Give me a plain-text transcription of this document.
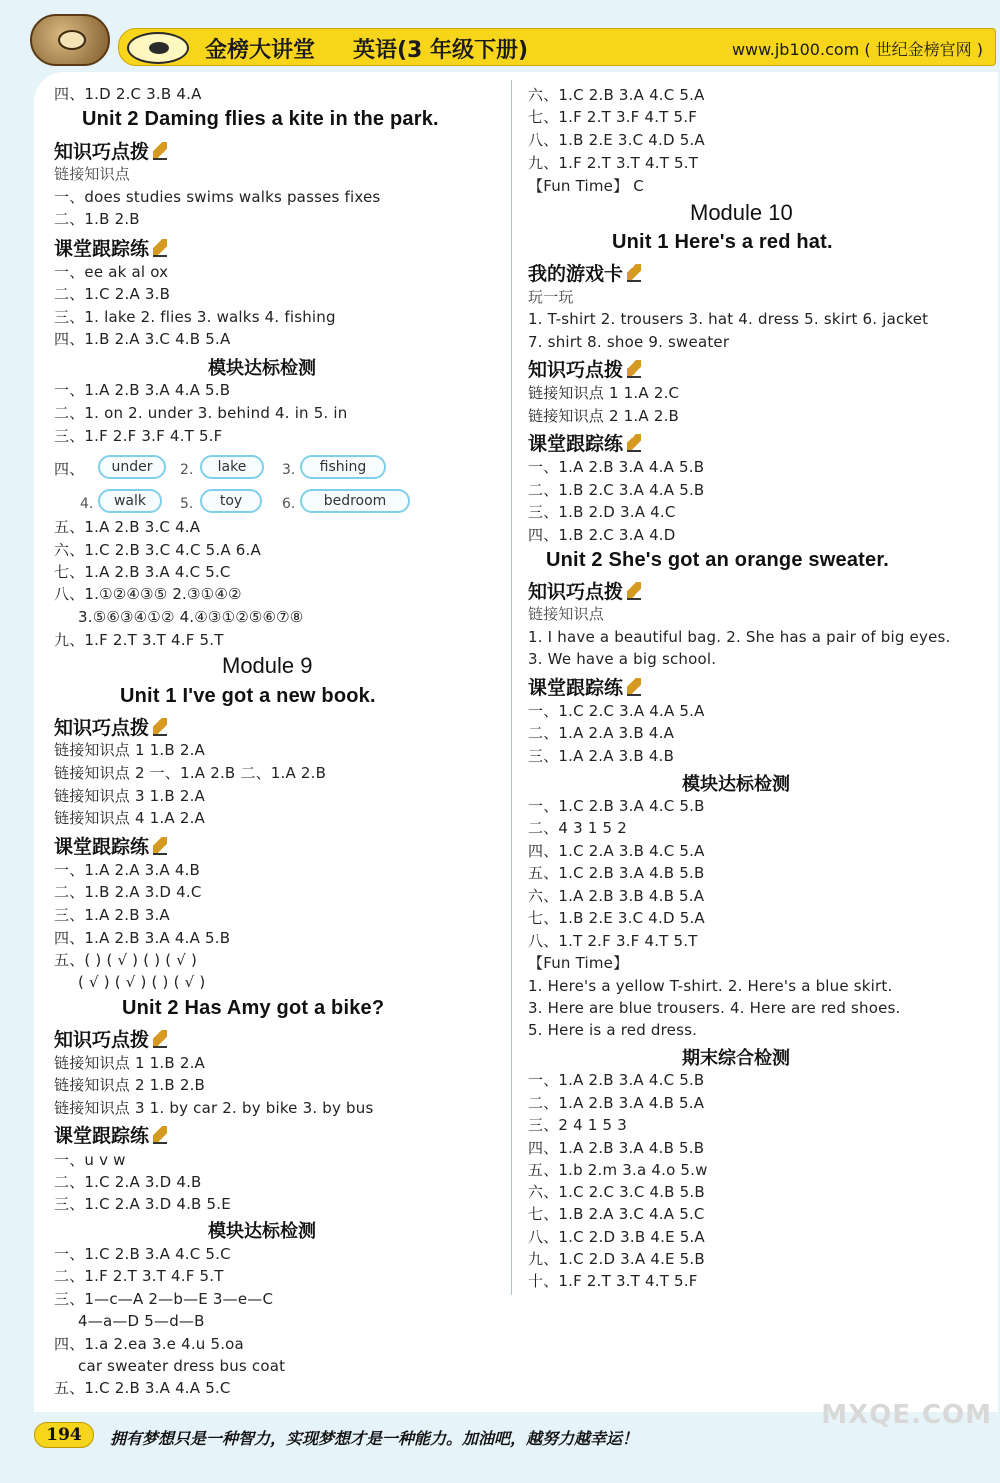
金榜大讲堂 英语(3 年级下册)	www.jb100.com ( 世纪金榜官网 )
四、1.D 2.C 3.B 4.A
Unit 2 Daming flies a kite in the park.
知识巧点拨
链接知识点
一、does studies swims walks passes fixes
二、1.B 2.B
课堂跟踪练
一、ee ak al ox
二、1.C 2.A 3.B
三、1. lake 2. flies 3. walks 4. fishing
四、1.B 2.A 3.C 4.B 5.A
模块达标检测
一、1.A 2.B 3.A 4.A 5.B
二、1. on 2. under 3. behind 4. in 5. in
三、1.F 2.F 3.F 4.T 5.F
四、	under	2.	lake	3.	fishing
4.	walk	5.	toy	6.	bedroom
五、1.A 2.B 3.C 4.A
六、1.C 2.B 3.C 4.C 5.A 6.A
七、1.A 2.B 3.A 4.C 5.C
八、1.①②④③⑤ 2.③①④②
3.⑤⑥③④①② 4.④③①②⑤⑥⑦⑧
九、1.F 2.T 3.T 4.F 5.T
Module 9
Unit 1 I've got a new book.
知识巧点拨
链接知识点 1 1.B 2.A
链接知识点 2 一、1.A 2.B 二、1.A 2.B
链接知识点 3 1.B 2.A
链接知识点 4 1.A 2.A
课堂跟踪练
一、1.A 2.A 3.A 4.B
二、1.B 2.A 3.D 4.C
三、1.A 2.B 3.A
四、1.A 2.B 3.A 4.A 5.B
五、( ) ( √ ) ( ) ( √ )
( √ ) ( √ ) ( ) ( √ )
Unit 2 Has Amy got a bike?
知识巧点拨
链接知识点 1 1.B 2.A
链接知识点 2 1.B 2.B
链接知识点 3 1. by car 2. by bike 3. by bus
课堂跟踪练
一、u v w
二、1.C 2.A 3.D 4.B
三、1.C 2.A 3.D 4.B 5.E
模块达标检测
一、1.C 2.B 3.A 4.C 5.C
二、1.F 2.T 3.T 4.F 5.T
三、1—c—A 2—b—E 3—e—C
4—a—D 5—d—B
四、1.a 2.ea 3.e 4.u 5.oa
car sweater dress bus coat
五、1.C 2.B 3.A 4.A 5.C
六、1.C 2.B 3.A 4.C 5.A
七、1.F 2.T 3.F 4.T 5.F
八、1.B 2.E 3.C 4.D 5.A
九、1.F 2.T 3.T 4.T 5.T
【Fun Time】 C
Module 10
Unit 1 Here's a red hat.
我的游戏卡
玩一玩
1. T-shirt 2. trousers 3. hat 4. dress 5. skirt 6. jacket
7. shirt 8. shoe 9. sweater
知识巧点拨
链接知识点 1 1.A 2.C
链接知识点 2 1.A 2.B
课堂跟踪练
一、1.A 2.B 3.A 4.A 5.B
二、1.B 2.C 3.A 4.A 5.B
三、1.B 2.D 3.A 4.C
四、1.B 2.C 3.A 4.D
Unit 2 She's got an orange sweater.
知识巧点拨
链接知识点
1. I have a beautiful bag. 2. She has a pair of big eyes.
3. We have a big school.
课堂跟踪练
一、1.C 2.C 3.A 4.A 5.A
二、1.A 2.A 3.B 4.A
三、1.A 2.A 3.B 4.B
模块达标检测
一、1.C 2.B 3.A 4.C 5.B
二、4 3 1 5 2
四、1.C 2.A 3.B 4.C 5.A
五、1.C 2.B 3.A 4.B 5.B
六、1.A 2.B 3.B 4.B 5.A
七、1.B 2.E 3.C 4.D 5.A
八、1.T 2.F 3.F 4.T 5.T
【Fun Time】
1. Here's a yellow T-shirt. 2. Here's a blue skirt.
3. Here are blue trousers. 4. Here are red shoes.
5. Here is a red dress.
期末综合检测
一、1.A 2.B 3.A 4.C 5.B
二、1.A 2.B 3.A 4.B 5.A
三、2 4 1 5 3
四、1.A 2.B 3.A 4.B 5.B
五、1.b 2.m 3.a 4.o 5.w
六、1.C 2.C 3.C 4.B 5.B
七、1.B 2.A 3.C 4.A 5.C
八、1.C 2.D 3.B 4.E 5.A
九、1.C 2.D 3.A 4.E 5.B
十、1.F 2.T 3.T 4.T 5.F
194	拥有梦想只是一种智力，实现梦想才是一种能力。加油吧，越努力越幸运！
MXQE.COM
